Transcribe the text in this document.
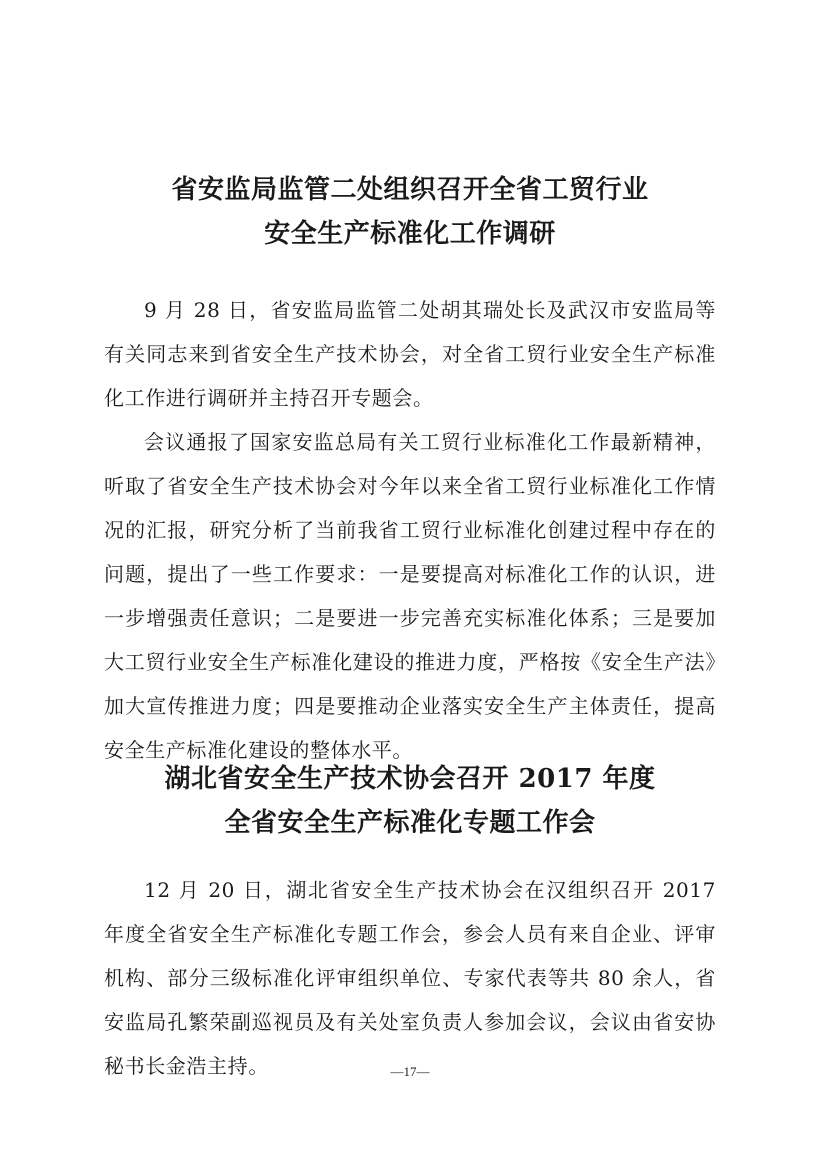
省安监局监管二处组织召开全省工贸行业
安全生产标准化工作调研

9 月 28 日，省安监局监管二处胡其瑞处长及武汉市安监局等有关同志来到省安全生产技术协会，对全省工贸行业安全生产标准化工作进行调研并主持召开专题会。

会议通报了国家安监总局有关工贸行业标准化工作最新精神，听取了省安全生产技术协会对今年以来全省工贸行业标准化工作情况的汇报，研究分析了当前我省工贸行业标准化创建过程中存在的问题，提出了一些工作要求：一是要提高对标准化工作的认识，进一步增强责任意识；二是要进一步完善充实标准化体系；三是要加大工贸行业安全生产标准化建设的推进力度，严格按《安全生产法》加大宣传推进力度；四是要推动企业落实安全生产主体责任，提高安全生产标准化建设的整体水平。

湖北省安全生产技术协会召开 2017 年度
全省安全生产标准化专题工作会

12 月 20 日，湖北省安全生产技术协会在汉组织召开 2017 年度全省安全生产标准化专题工作会，参会人员有来自企业、评审机构、部分三级标准化评审组织单位、专家代表等共 80 余人，省安监局孔繁荣副巡视员及有关处室负责人参加会议，会议由省安协秘书长金浩主持。	—17—
